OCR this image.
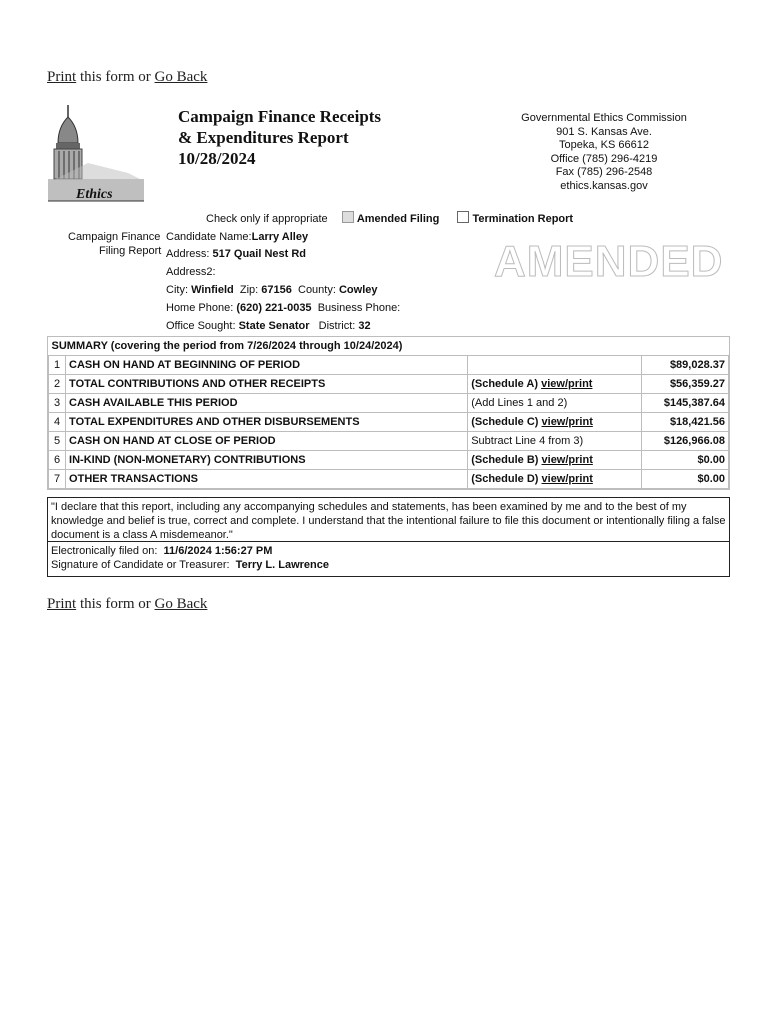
Print this form or Go Back
Ethics
Campaign Finance Receipts
& Expenditures Report
10/28/2024
Governmental Ethics Commission
901 S. Kansas Ave.
Topeka, KS 66612
Office (785) 296-4219
Fax (785) 296-2548
ethics.kansas.gov
Check only if appropriate	Amended Filing	Termination Report
Campaign Finance
Filing Report
Candidate Name:Larry Alley
Address: 517 Quail Nest Rd
Address2:
City: Winfield Zip: 67156 County: Cowley
Home Phone: (620) 221-0035 Business Phone:
Office Sought: State Senator District: 32
AMENDED
SUMMARY (covering the period from 7/26/2024 through 10/24/2024)			
1	CASH ON HAND AT BEGINNING OF PERIOD		$89,028.37
2	TOTAL CONTRIBUTIONS AND OTHER RECEIPTS	(Schedule A) view/print	$56,359.27
3	CASH AVAILABLE THIS PERIOD	(Add Lines 1 and 2)	$145,387.64
4	TOTAL EXPENDITURES AND OTHER DISBURSEMENTS	(Schedule C) view/print	$18,421.56
5	CASH ON HAND AT CLOSE OF PERIOD	Subtract Line 4 from 3)	$126,966.08
6	IN-KIND (NON-MONETARY) CONTRIBUTIONS	(Schedule B) view/print	$0.00
7	OTHER TRANSACTIONS	(Schedule D) view/print	$0.00
"I declare that this report, including any accompanying schedules and statements, has been examined by me and to the best of my knowledge and belief is true, correct and complete. I understand that the intentional failure to file this document or intentionally filing a false document is a class A misdemeanor."
Electronically filed on: 11/6/2024 1:56:27 PM
Signature of Candidate or Treasurer: Terry L. Lawrence
Print this form or Go Back
